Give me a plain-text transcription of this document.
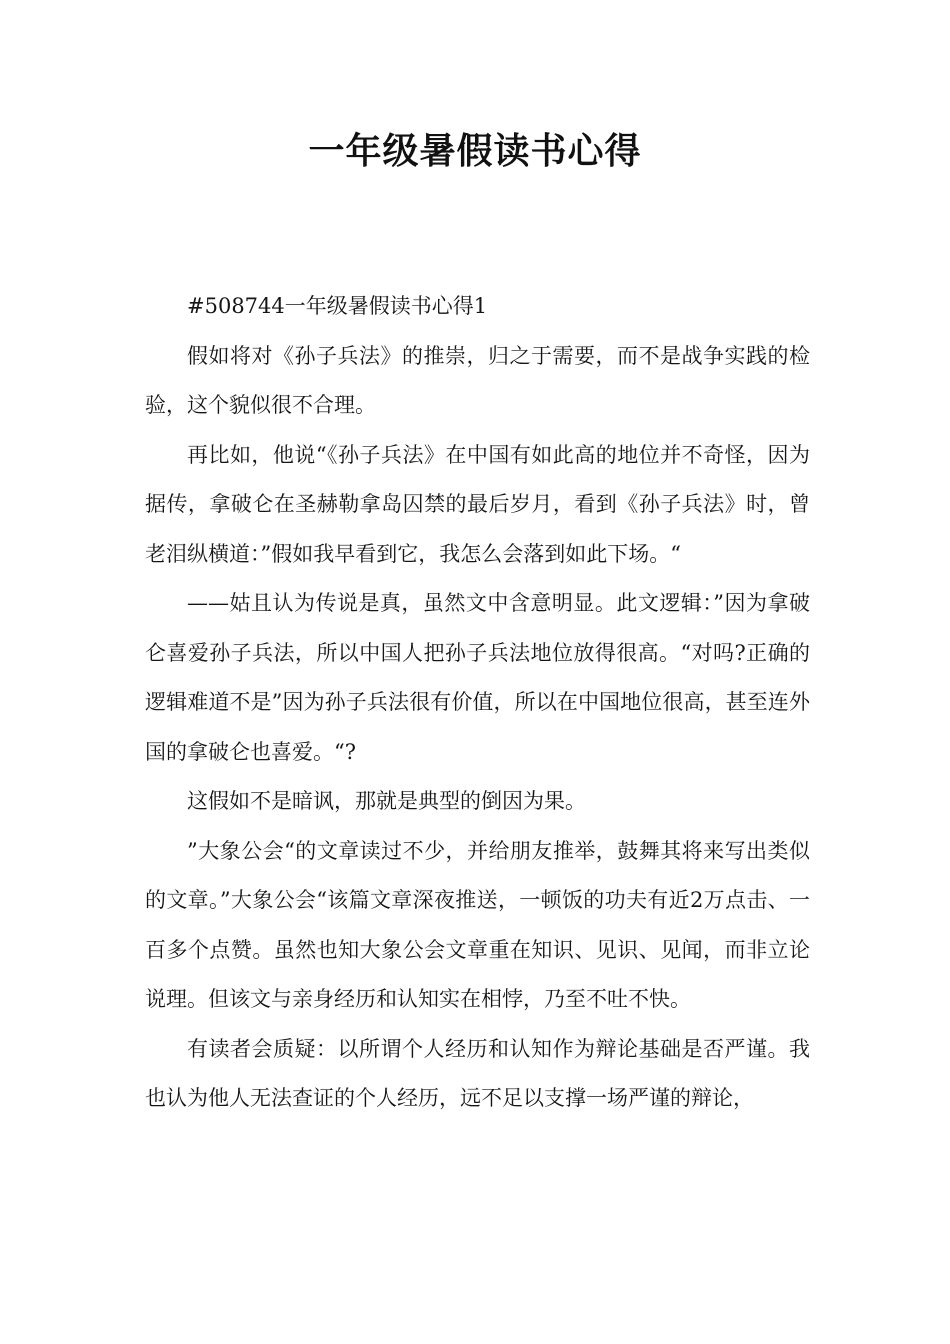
一年级暑假读书心得

#508744一年级暑假读书心得1

假如将对《孙子兵法》的推崇，归之于需要，而不是战争实践的检验，这个貌似很不合理。

再比如，他说“《孙子兵法》在中国有如此高的地位并不奇怪，因为据传，拿破仑在圣赫勒拿岛囚禁的最后岁月，看到《孙子兵法》时，曾老泪纵横道：”假如我早看到它，我怎么会落到如此下场。“

——姑且认为传说是真，虽然文中含意明显。此文逻辑：”因为拿破仑喜爱孙子兵法，所以中国人把孙子兵法地位放得很高。“对吗?正确的逻辑难道不是”因为孙子兵法很有价值，所以在中国地位很高，甚至连外国的拿破仑也喜爱。“?

这假如不是暗讽，那就是典型的倒因为果。

”大象公会“的文章读过不少，并给朋友推举，鼓舞其将来写出类似的文章。”大象公会“该篇文章深夜推送，一顿饭的功夫有近2万点击、一百多个点赞。虽然也知大象公会文章重在知识、见识、见闻，而非立论说理。但该文与亲身经历和认知实在相悖，乃至不吐不快。

有读者会质疑：以所谓个人经历和认知作为辩论基础是否严谨。我也认为他人无法查证的个人经历，远不足以支撑一场严谨的辩论，
